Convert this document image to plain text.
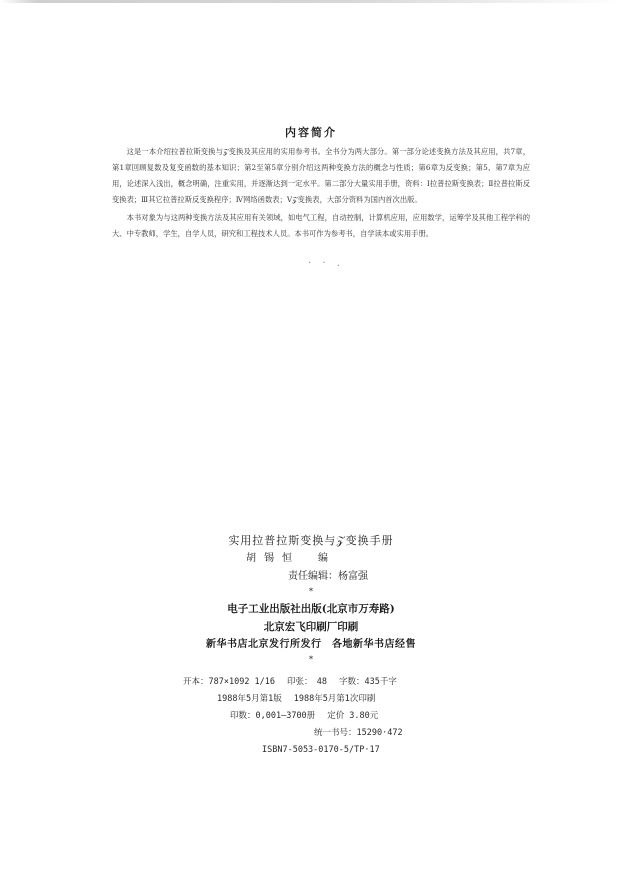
内容简介

这是一本介绍拉普拉斯变换与𝒵变换及其应用的实用参考书。全书分为两大部分。第一部分论述变换方法及其应用，共7章，第1章回顾复数及复变函数的基本知识；第2至第5章分别介绍这两种变换方法的概念与性质；第6章为反变换；第5、第7章为应用，论述深入浅出，概念明确，注重实用，并逐渐达到一定水平。第二部分大量实用手册，资料：Ⅰ拉普拉斯变换表；Ⅱ拉普拉斯反变换表；Ⅲ其它拉普拉斯反变换程序；Ⅳ网络函数表；Ⅴ𝒵变换表，大部分资料为国内首次出版。

本书对象为与这两种变换方法及其应用有关领域，如电气工程，自动控制，计算机应用，应用数学，运筹学及其他工程学科的大、中专教师，学生，自学人员，研究和工程技术人员。本书可作为参考书，自学读本或实用手册。

· · .
实用拉普拉斯变换与𝒵变换手册
胡锡恒　编
责任编辑：杨富强
*
电子工业出版社出版(北京市万寿路)
北京宏飞印刷厂印刷
新华书店北京发行所发行　各地新华书店经售
*
开本：787×1092 1/16 印张：　48 字数：435千字
1988年5月第1版 1988年5月第1次印刷
印数：0,001—3700册 定价 3.80元
统一书号：15290·472
ISBN7-5053-0170-5/TP·17
